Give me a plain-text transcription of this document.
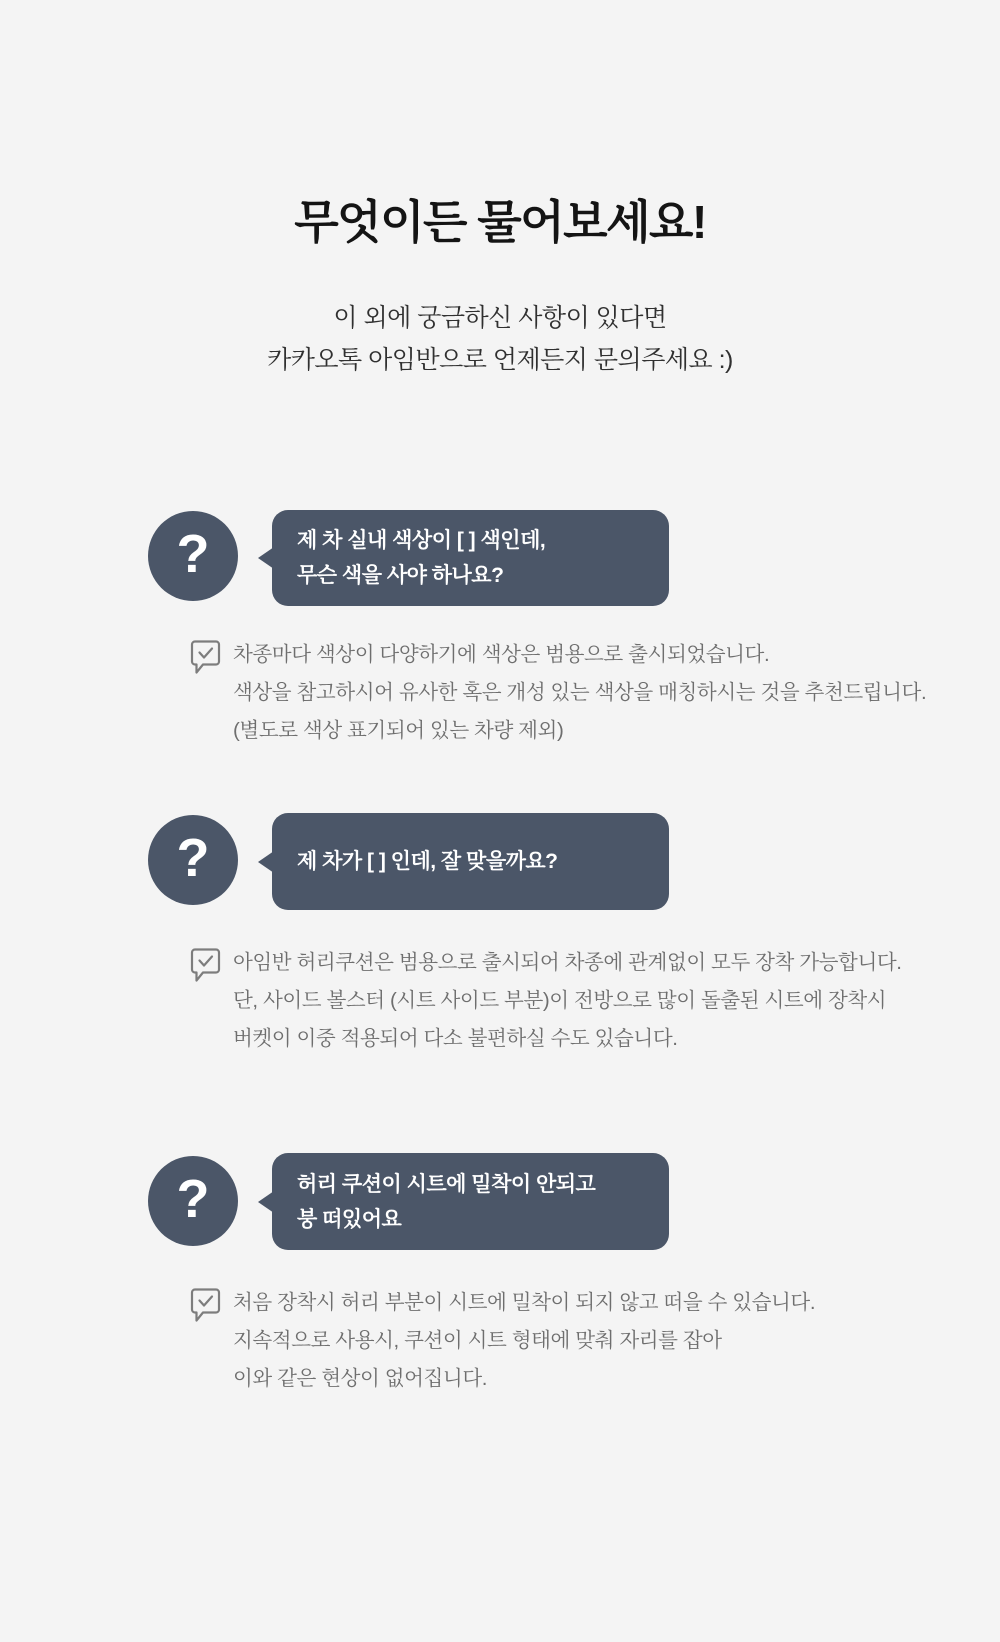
무엇이든 물어보세요!
이 외에 궁금하신 사항이 있다면
카카오톡 아임반으로 언제든지 문의주세요 :)
?	제 차 실내 색상이 [ ] 색인데,
무슨 색을 사야 하나요?
차종마다 색상이 다양하기에 색상은 범용으로 출시되었습니다.
색상을 참고하시어 유사한 혹은 개성 있는 색상을 매칭하시는 것을 추천드립니다.
(별도로 색상 표기되어 있는 차량 제외)
?	제 차가 [ ] 인데, 잘 맞을까요?
아임반 허리쿠션은 범용으로 출시되어 차종에 관계없이 모두 장착 가능합니다.
단, 사이드 볼스터 (시트 사이드 부분)이 전방으로 많이 돌출된 시트에 장착시
버켓이 이중 적용되어 다소 불편하실 수도 있습니다.
?	허리 쿠션이 시트에 밀착이 안되고
붕 떠있어요
처음 장착시 허리 부분이 시트에 밀착이 되지 않고 떠을 수 있습니다.
지속적으로 사용시, 쿠션이 시트 형태에 맞춰 자리를 잡아
이와 같은 현상이 없어집니다.
